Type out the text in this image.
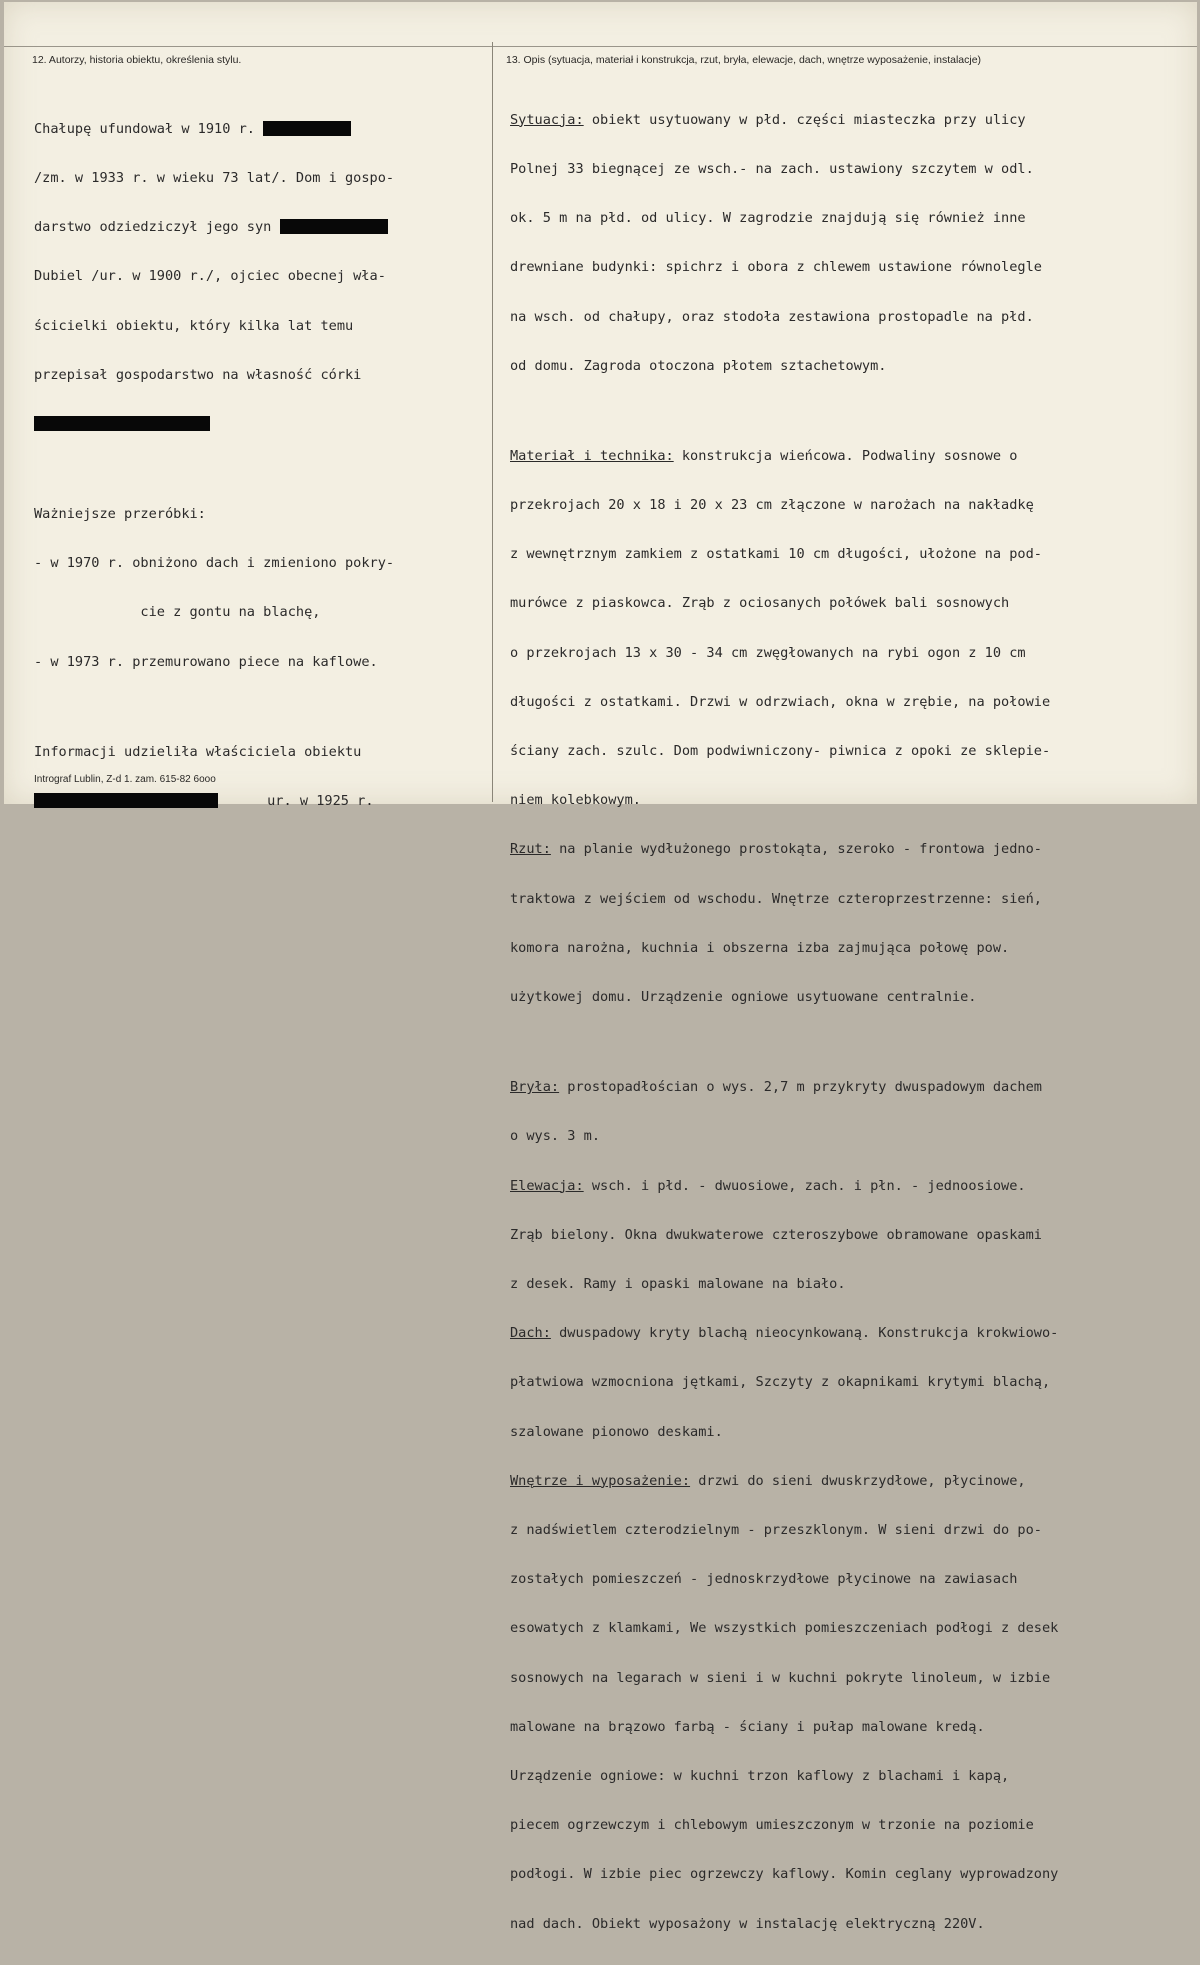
12. Autorzy, historia obiektu, określenia stylu.	13. Opis (sytuacja, materiał i konstrukcja, rzut, bryła, elewacje, dach, wnętrze wyposażenie, instalacje)

Chałupę ufundował w 1910 r.

/zm. w 1933 r. w wieku 73 lat/. Dom i gospo-

darstwo odziedziczył jego syn

Dubiel /ur. w 1900 r./, ojciec obecnej wła-

ścicielki obiektu, który kilka lat temu

przepisał gospodarstwo na własność córki

Ważniejsze przeróbki:

- w 1970 r. obniżono dach i zmieniono pokry-

cie z gontu na blachę,

- w 1973 r. przemurowano piece na kaflowe.

Informacji udzieliła właściciela obiektu

ur. w 1925 r.

Sytuacja: obiekt usytuowany w płd. części miasteczka przy ulicy

Polnej 33 biegnącej ze wsch.- na zach. ustawiony szczytem w odl.

ok. 5 m na płd. od ulicy. W zagrodzie znajdują się również inne

drewniane budynki: spichrz i obora z chlewem ustawione równolegle

na wsch. od chałupy, oraz stodoła zestawiona prostopadle na płd.

od domu. Zagroda otoczona płotem sztachetowym.

Materiał i technika: konstrukcja wieńcowa. Podwaliny sosnowe o

przekrojach 20 x 18 i 20 x 23 cm złączone w narożach na nakładkę

z wewnętrznym zamkiem z ostatkami 10 cm długości, ułożone na pod-

murówce z piaskowca. Zrąb z ociosanych połówek bali sosnowych

o przekrojach 13 x 30 - 34 cm zwęgłowanych na rybi ogon z 10 cm

długości z ostatkami. Drzwi w odrzwiach, okna w zrębie, na połowie

ściany zach. szulc. Dom podwiwniczony- piwnica z opoki ze sklepie-

niem kolebkowym.

Rzut: na planie wydłużonego prostokąta, szeroko - frontowa jedno-

traktowa z wejściem od wschodu. Wnętrze czteroprzestrzenne: sień,

komora narożna, kuchnia i obszerna izba zajmująca połowę pow.

użytkowej domu. Urządzenie ogniowe usytuowane centralnie.

Bryła: prostopadłościan o wys. 2,7 m przykryty dwuspadowym dachem

o wys. 3 m.

Elewacja: wsch. i płd. - dwuosiowe, zach. i płn. - jednoosiowe.

Zrąb bielony. Okna dwukwaterowe czteroszybowe obramowane opaskami

z desek. Ramy i opaski malowane na biało.

Dach: dwuspadowy kryty blachą nieocynkowaną. Konstrukcja krokwiowo-

płatwiowa wzmocniona jętkami, Szczyty z okapnikami krytymi blachą,

szalowane pionowo deskami.

Wnętrze i wyposażenie: drzwi do sieni dwuskrzydłowe, płycinowe,

z nadświetlem czterodzielnym - przeszklonym. W sieni drzwi do po-

zostałych pomieszczeń - jednoskrzydłowe płycinowe na zawiasach

esowatych z klamkami, We wszystkich pomieszczeniach podłogi z desek

sosnowych na legarach w sieni i w kuchni pokryte linoleum, w izbie

malowane na brązowo farbą - ściany i pułap malowane kredą.

Urządzenie ogniowe: w kuchni trzon kaflowy z blachami i kapą,

piecem ogrzewczym i chlebowym umieszczonym w trzonie na poziomie

podłogi. W izbie piec ogrzewczy kaflowy. Komin ceglany wyprowadzony

nad dach. Obiekt wyposażony w instalację elektryczną 220V.

Intrograf Lublin, Z-d 1. zam. 615-82 6ooo
